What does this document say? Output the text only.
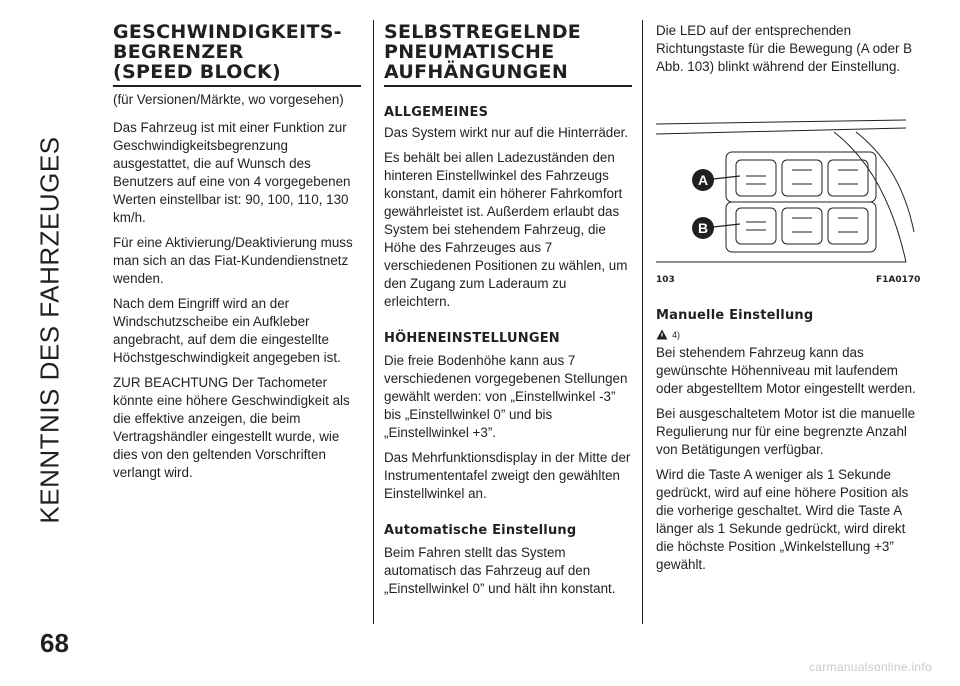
KENNTNIS DES FAHRZEUGES
68
GESCHWINDIGKEITS-
BEGRENZER
(SPEED BLOCK)

(für Versionen/Märkte, wo vorgesehen)

Das Fahrzeug ist mit einer Funktion zur Geschwindigkeitsbegrenzung ausgestattet, die auf Wunsch des Benutzers auf eine von 4 vorgegebenen Werten einstellbar ist: 90, 100, 110, 130 km/h.

Für eine Aktivierung/Deaktivierung muss man sich an das Fiat-Kundendienstnetz wenden.

Nach dem Eingriff wird an der Windschutzscheibe ein Aufkleber angebracht, auf dem die eingestellte Höchstgeschwindigkeit angegeben ist.

ZUR BEACHTUNG Der Tachometer könnte eine höhere Geschwindigkeit als die effektive anzeigen, die beim Vertragshändler eingestellt wurde, wie dies von den geltenden Vorschriften verlangt wird.

SELBSTREGELNDE
PNEUMATISCHE
AUFHÄNGUNGEN
ALLGEMEINES

Das System wirkt nur auf die Hinterräder.

Es behält bei allen Ladezuständen den hinteren Einstellwinkel des Fahrzeugs konstant, damit ein höherer Fahrkomfort gewährleistet ist. Außerdem erlaubt das System bei stehendem Fahrzeug, die Höhe des Fahrzeuges aus 7 verschiedenen Positionen zu wählen, um den Zugang zum Laderaum zu erleichtern.

HÖHENEINSTELLUNGEN

Die freie Bodenhöhe kann aus 7 verschiedenen vorgegebenen Stellungen gewählt werden: von „Einstellwinkel -3” bis „Einstellwinkel 0” und bis „Einstellwinkel +3”.

Das Mehrfunktionsdisplay in der Mitte der Instrumententafel zweigt den gewählten Einstellwinkel an.

Automatische Einstellung

Beim Fahren stellt das System automatisch das Fahrzeug auf den „Einstellwinkel 0” und hält ihn konstant.

Die LED auf der entsprechenden Richtungstaste für die Bewegung (A oder B Abb. 103) blinkt während der Einstellung.

A
B
103	F1A0170
Manuelle Einstellung
4)

Bei stehendem Fahrzeug kann das gewünschte Höhenniveau mit laufendem oder abgestelltem Motor eingestellt werden.

Bei ausgeschaltetem Motor ist die manuelle Regulierung nur für eine begrenzte Anzahl von Betätigungen verfügbar.

Wird die Taste A weniger als 1 Sekunde gedrückt, wird auf eine höhere Position als die vorherige geschaltet. Wird die Taste A länger als 1 Sekunde gedrückt, wird direkt die höchste Position „Winkelstellung +3” gewählt.

carmanualsonline.info
